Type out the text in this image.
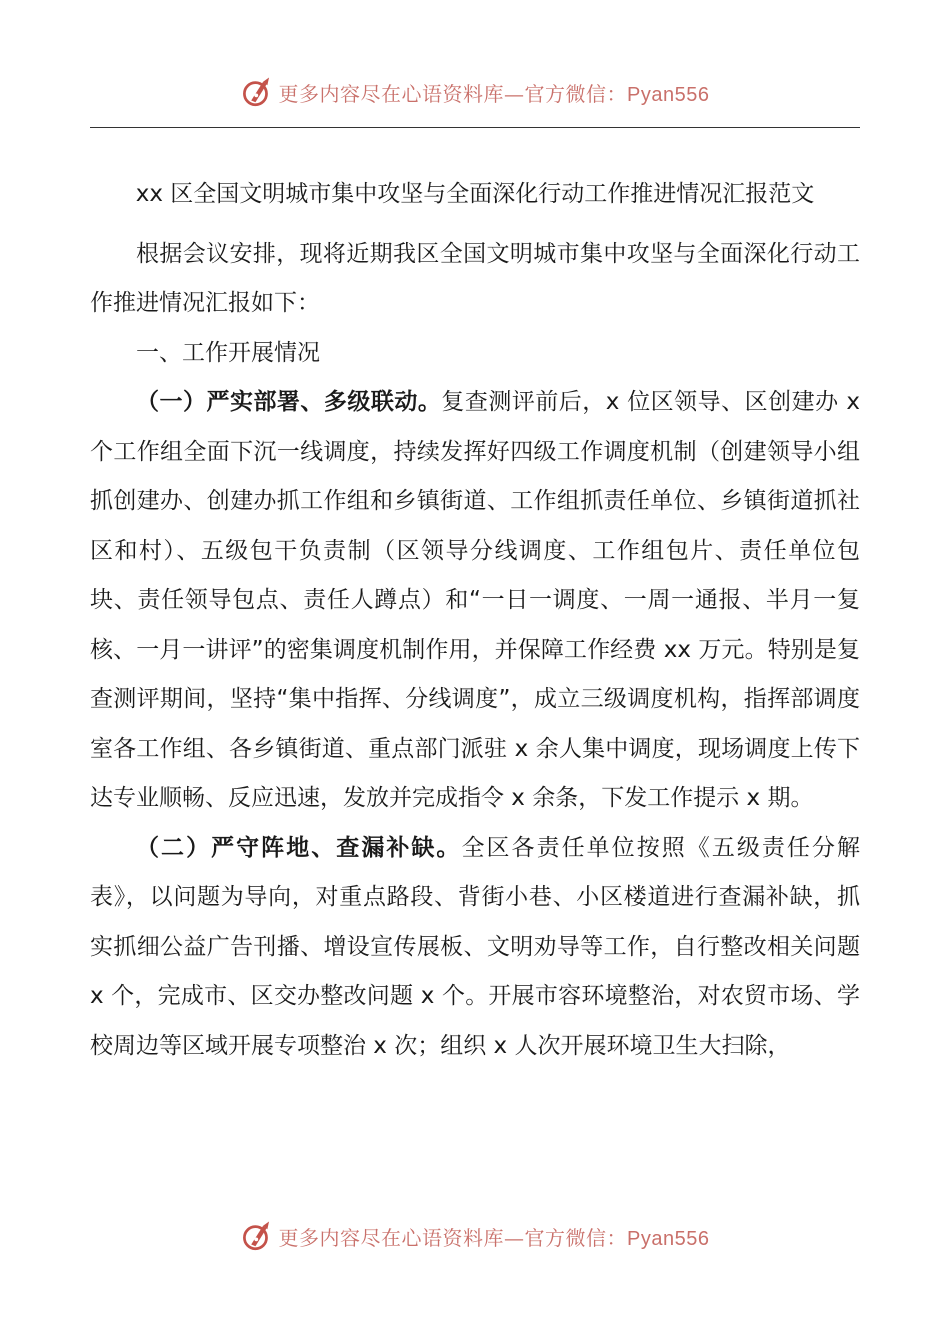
更多内容尽在心语资料库—官方微信：Pyan556
xx 区全国文明城市集中攻坚与全面深化行动工作推进情况汇报范文

根据会议安排，现将近期我区全国文明城市集中攻坚与全面深化行动工作推进情况汇报如下：

一、工作开展情况

（一）严实部署、多级联动。复查测评前后，x 位区领导、区创建办 x 个工作组全面下沉一线调度，持续发挥好四级工作调度机制（创建领导小组抓创建办、创建办抓工作组和乡镇街道、工作组抓责任单位、乡镇街道抓社区和村）、五级包干负责制（区领导分线调度、工作组包片、责任单位包块、责任领导包点、责任人蹲点）和“一日一调度、一周一通报、半月一复核、一月一讲评”的密集调度机制作用，并保障工作经费 xx 万元。特别是复查测评期间，坚持“集中指挥、分线调度”，成立三级调度机构，指挥部调度室各工作组、各乡镇街道、重点部门派驻 x 余人集中调度，现场调度上传下达专业顺畅、反应迅速，发放并完成指令 x 余条，下发工作提示 x 期。

（二）严守阵地、查漏补缺。全区各责任单位按照《五级责任分解表》，以问题为导向，对重点路段、背街小巷、小区楼道进行查漏补缺，抓实抓细公益广告刊播、增设宣传展板、文明劝导等工作，自行整改相关问题 x 个，完成市、区交办整改问题 x 个。开展市容环境整治，对农贸市场、学校周边等区域开展专项整治 x 次；组织 x 人次开展环境卫生大扫除，

更多内容尽在心语资料库—官方微信：Pyan556
